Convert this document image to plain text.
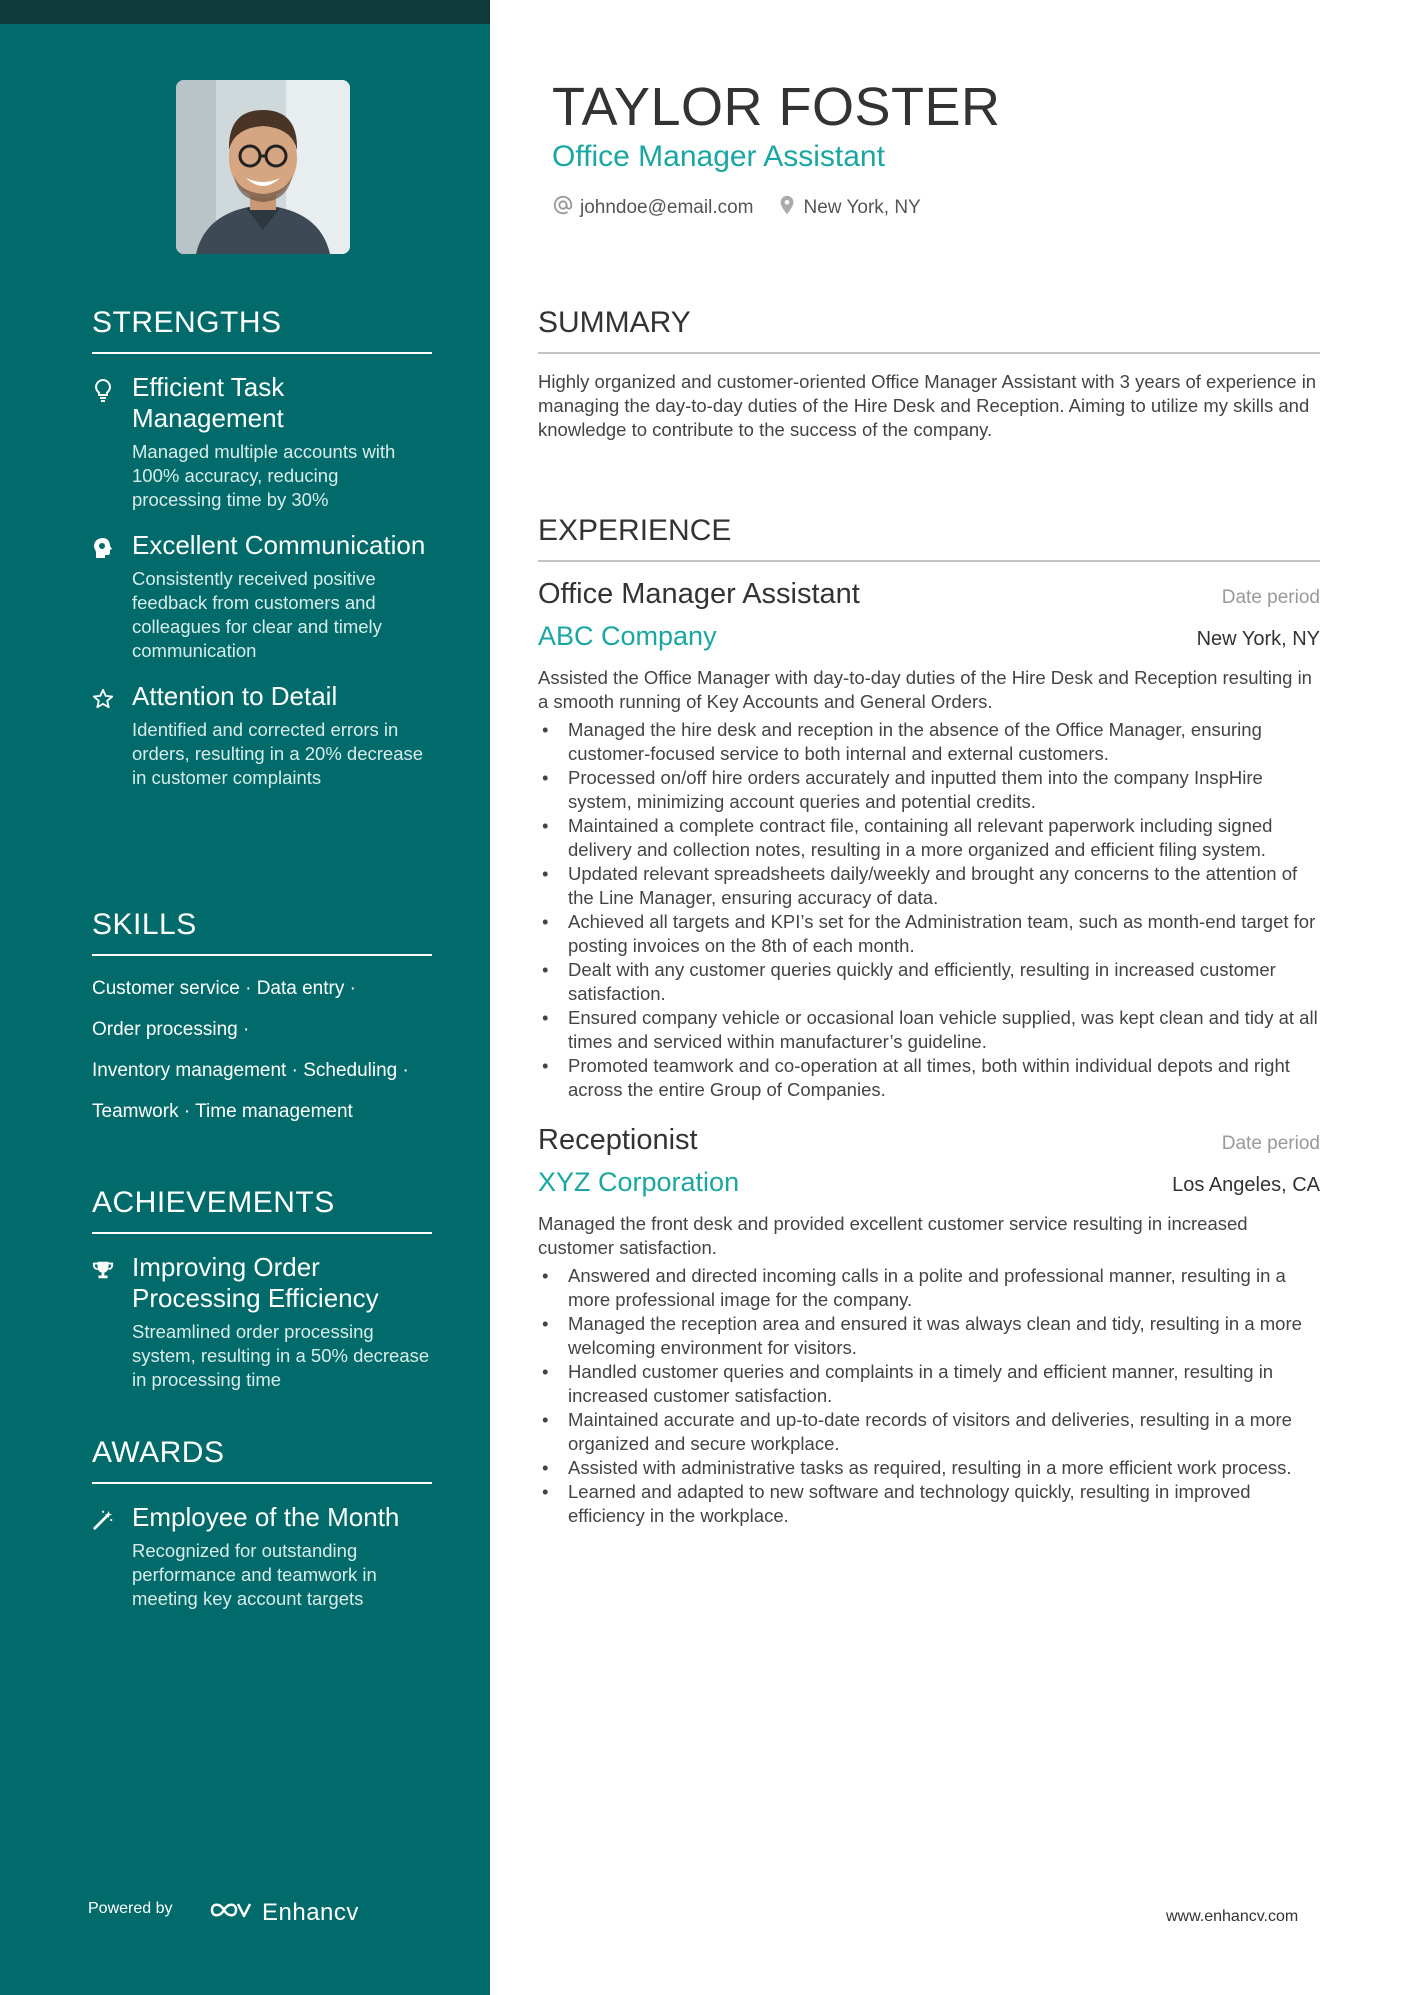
STRENGTHS
Efficient Task Management
Managed multiple accounts with 100% accuracy, reducing processing time by 30%
Excellent Communication
Consistently received positive feedback from customers and colleagues for clear and timely communication
Attention to Detail
Identified and corrected errors in orders, resulting in a 20% decrease in customer complaints
SKILLS
Customer service · Data entry ·
Order processing ·
Inventory management · Scheduling ·
Teamwork · Time management
ACHIEVEMENTS
Improving Order Processing Efficiency
Streamlined order processing system, resulting in a 50% decrease in processing time
AWARDS
Employee of the Month
Recognized for outstanding performance and teamwork in meeting key account targets
Powered by	Enhancv
TAYLOR FOSTER
Office Manager Assistant
johndoe@email.com	New York, NY
SUMMARY

Highly organized and customer-oriented Office Manager Assistant with 3 years of experience in managing the day-to-day duties of the Hire Desk and Reception. Aiming to utilize my skills and knowledge to contribute to the success of the company.

EXPERIENCE
Office Manager Assistant	Date period
ABC Company	New York, NY

Assisted the Office Manager with day-to-day duties of the Hire Desk and Reception resulting in a smooth running of Key Accounts and General Orders.

• Managed the hire desk and reception in the absence of the Office Manager, ensuring customer-focused service to both internal and external customers.
• Processed on/off hire orders accurately and inputted them into the company InspHire system, minimizing account queries and potential credits.
• Maintained a complete contract file, containing all relevant paperwork including signed delivery and collection notes, resulting in a more organized and efficient filing system.
• Updated relevant spreadsheets daily/weekly and brought any concerns to the attention of the Line Manager, ensuring accuracy of data.
• Achieved all targets and KPI’s set for the Administration team, such as month-end target for posting invoices on the 8th of each month.
• Dealt with any customer queries quickly and efficiently, resulting in increased customer satisfaction.
• Ensured company vehicle or occasional loan vehicle supplied, was kept clean and tidy at all times and serviced within manufacturer’s guideline.
• Promoted teamwork and co-operation at all times, both within individual depots and right across the entire Group of Companies.
Receptionist	Date period
XYZ Corporation	Los Angeles, CA

Managed the front desk and provided excellent customer service resulting in increased customer satisfaction.

• Answered and directed incoming calls in a polite and professional manner, resulting in a more professional image for the company.
• Managed the reception area and ensured it was always clean and tidy, resulting in a more welcoming environment for visitors.
• Handled customer queries and complaints in a timely and efficient manner, resulting in increased customer satisfaction.
• Maintained accurate and up-to-date records of visitors and deliveries, resulting in a more organized and secure workplace.
• Assisted with administrative tasks as required, resulting in a more efficient work process.
• Learned and adapted to new software and technology quickly, resulting in improved efficiency in the workplace.
www.enhancv.com
